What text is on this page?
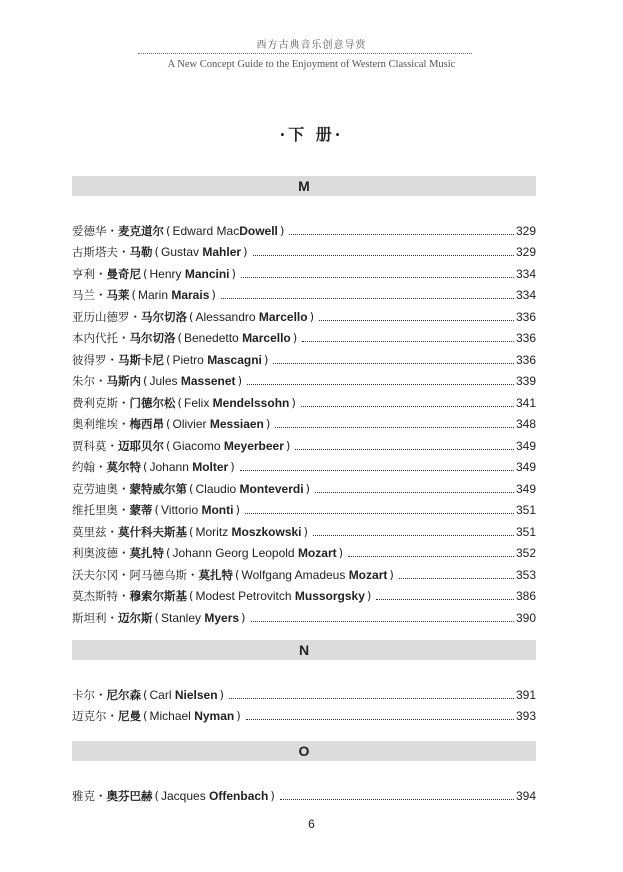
西方古典音乐创意导赏
A New Concept Guide to the Enjoyment of Western Classical Music
·下 册·
M
爱德华・麦克道尔 ( Edward MacDowell )	329
古斯塔夫・马勒 ( Gustav Mahler )	329
亨利・曼奇尼 ( Henry Mancini )	334
马兰・马莱 ( Marin Marais )	334
亚历山德罗・马尔切洛 ( Alessandro Marcello )	336
本内代托・马尔切洛 ( Benedetto Marcello )	336
彼得罗・马斯卡尼 ( Pietro Mascagni )	336
朱尔・马斯内 ( Jules Massenet )	339
费利克斯・门德尔松 ( Felix Mendelssohn )	341
奥利维埃・梅西昂 ( Olivier Messiaen )	348
贾科莫・迈耶贝尔 ( Giacomo Meyerbeer )	349
约翰・莫尔特 ( Johann Molter )	349
克劳迪奥・蒙特威尔第 ( Claudio Monteverdi )	349
维托里奥・蒙蒂 ( Vittorio Monti )	351
莫里兹・莫什科夫斯基 ( Moritz Moszkowski )	351
利奥波德・莫扎特 ( Johann Georg Leopold Mozart )	352
沃夫尔冈・阿马德乌斯・莫扎特 ( Wolfgang Amadeus Mozart )	353
莫杰斯特・穆索尔斯基 ( Modest Petrovitch Mussorgsky )	386
斯坦利・迈尔斯 ( Stanley Myers )	390
N
卡尔・尼尔森 ( Carl Nielsen )	391
迈克尔・尼曼 ( Michael Nyman )	393
O
雅克・奥芬巴赫 ( Jacques Offenbach )	394
6
